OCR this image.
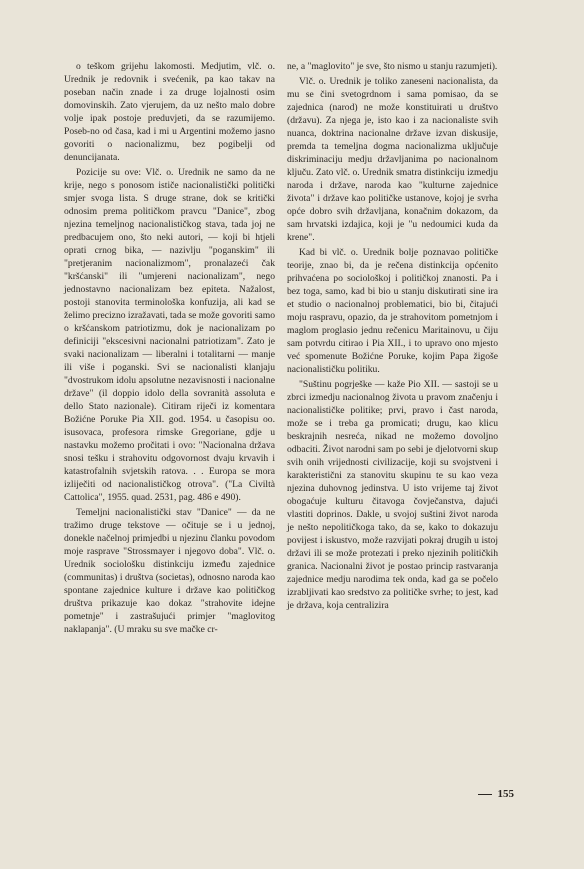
o teškom grijehu lakomosti. Medjutim, vlč. o. Urednik je redovnik i svećenik, pa kao takav na poseban način znade i za druge lojalnosti osim domovinskih. Zato vjerujem, da uz nešto malo dobre volje ipak postoje preduvjeti, da se razumijemo. Poseb-no od časa, kad i mi u Argentini možemo jasno govoriti o nacionalizmu, bez pogibelji od denuncijanata.

Pozicije su ove: Vlč. o. Urednik ne samo da ne krije, nego s ponosom ističe nacionalistički politički smjer svoga lista. S druge strane, dok se kritički odnosim prema političkom pravcu "Danice", zbog njezina temeljnog nacionalističkog stava, tada joj ne predbacujem ono, što neki autori, — koji bi htjeli oprati crnog bika, — nazivlju "poganskim" ili "pretjeranim nacionalizmom", pronalazeći čak "kršćanski" ili "umjereni nacionalizam", nego jednostavno nacionalizam bez epiteta. Nažalost, postoji stanovita terminološka konfuzija, ali kad se želimo precizno izražavati, tada se može govoriti samo o kršćanskom patriotizmu, dok je nacionalizam po definiciji "ekscesivni nacionalni patriotizam". Zato je svaki nacionalizam — liberalni i totalitarni — manje ili više i poganski. Svi se nacionalisti klanjaju "dvostrukom idolu apsolutne nezavisnosti i nacionalne države" (il doppio idolo della sovranità assoluta e dello Stato nazionale). Citiram riječi iz komentara Božićne Poruke Pia XII. god. 1954. u časopisu oo. isusovaca, profesora rimske Gregoriane, gdje u nastavku možemo pročitati i ovo: "Nacionalna država snosi tešku i strahovitu odgovornost dvaju krvavih i katastrofalnih svjetskih ratova. . . Europa se mora izliječiti od nacionalističkog otrova". ("La Civiltà Cattolica", 1955. quad. 2531, pag. 486 e 490).

Temeljni nacionalistički stav "Danice" — da ne tražimo druge tekstove — očituje se i u jednoj, donekle načelnoj primjedbi u njezinu članku povodom moje rasprave "Strossmayer i njegovo doba". Vlč. o. Urednik sociološku distinkciju između zajednice (communitas) i društva (societas), odnosno naroda kao spontane zajednice kulture i države kao političkog društva prikazuje kao dokaz "strahovite idejne pometnje" i zastrašujući primjer "maglovitog naklapanja". (U mraku su sve mačke cr-

ne, a "maglovito" je sve, što nismo u stanju razumjeti).

Vlč. o. Urednik je toliko zaneseni nacionalista, da mu se čini svetogrdnom i sama pomisao, da se zajednica (narod) ne može konstituirati u društvo (državu). Za njega je, isto kao i za nacionaliste svih nuanca, doktrina nacionalne države izvan diskusije, premda ta temeljna dogma nacionalizma uključuje diskriminaciju medju državljanima po nacionalnom ključu. Zato vlč. o. Urednik smatra distinkciju izmedju naroda i države, naroda kao "kulturne zajednice života" i države kao političke ustanove, kojoj je svrha opće dobro svih državljana, konačnim dokazom, da sam hrvatski izdajica, koji je "u nedoumici kuda da krene".

Kad bi vlč. o. Urednik bolje poznavao političke teorije, znao bi, da je rečena distinkcija općenito prihvaćena po sociološkoj i političkoj znanosti. Pa i bez toga, samo, kad bi bio u stanju diskutirati sine ira et studio o nacionalnoj problematici, bio bi, čitajući moju raspravu, opazio, da je strahovitom pometnjom i maglom proglasio jednu rečenicu Maritainovu, u čiju sam potvrdu citirao i Pia XII., i to upravo ono mjesto već spomenute Božićne Poruke, kojim Papa žigoše nacionalističku politiku.

"Suštinu pogrješke — kaže Pio XII. — sastoji se u zbrci izmedju nacionalnog života u pravom značenju i nacionalističke politike; prvi, pravo i čast naroda, može se i treba ga promicati; drugu, kao klicu beskrajnih nesreća, nikad ne možemo dovoljno odbaciti. Život narodni sam po sebi je djelotvorni skup svih onih vrijednosti civilizacije, koji su svojstveni i karakteristični za stanovitu skupinu te su kao veza njezina duhovnog jedinstva. U isto vrijeme taj život obogaćuje kulturu čitavoga čovječanstva, dajući vlastiti doprinos. Dakle, u svojoj suštini život naroda je nešto nepolitičkoga tako, da se, kako to dokazuju povijest i iskustvo, može razvijati pokraj drugih u istoj državi ili se može protezati i preko njezinih političkih granica. Nacionalni život je postao princip rastvaranja zajednice medju narodima tek onda, kad ga se počelo izrabljivati kao sredstvo za političke svrhe; to jest, kad je država, koja centralizira

155
